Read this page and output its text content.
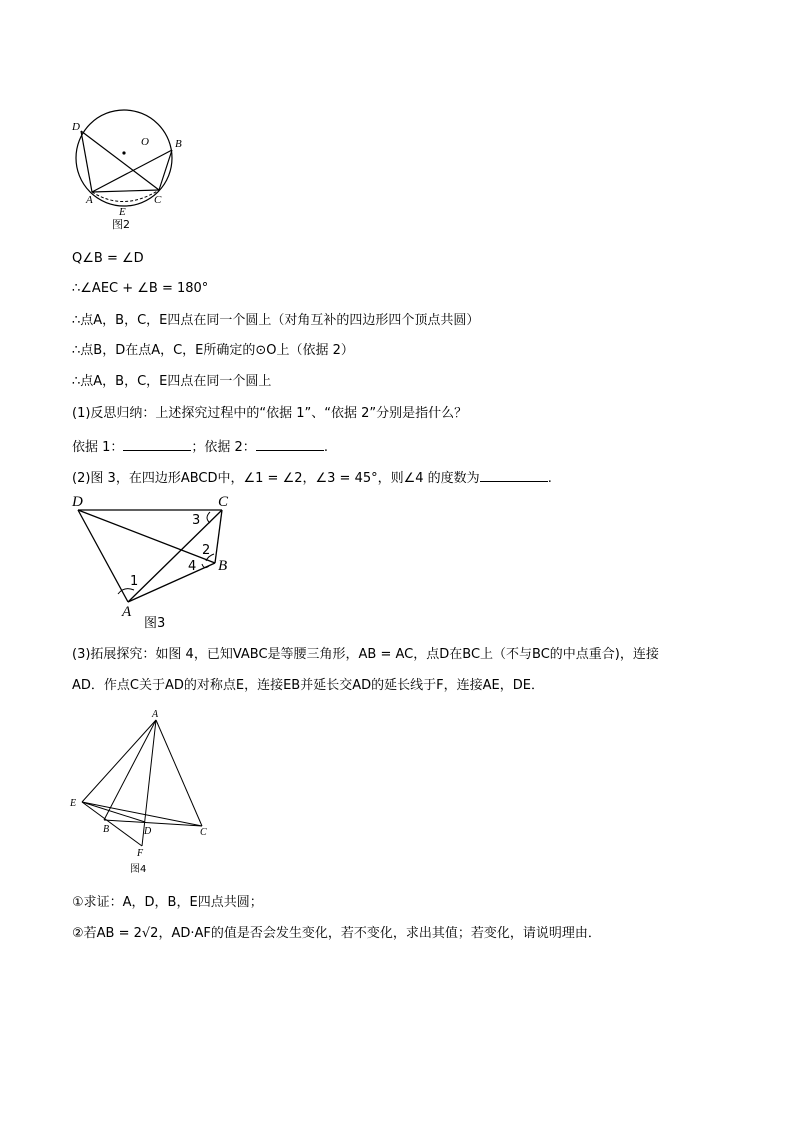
D
O B
A	C
E
图2
Q∠B = ∠D
∴∠AEC + ∠B = 180°
∴点A，B，C，E四点在同一个圆上（对角互补的四边形四个顶点共圆）
∴点B，D在点A，C，E所确定的⊙O上（依据 2）
∴点A，B，C，E四点在同一个圆上
(1)反思归纳：上述探究过程中的“依据 1”、“依据 2”分别是指什么？
依据 1：	；依据 2：	.
(2)图 3，在四边形ABCD中，∠1 = ∠2，∠3 = 45°，则∠4 的度数为	.
D	C
A
B
1
2
3
4
图3
(3)拓展探究：如图 4，已知VABC是等腰三角形，AB = AC，点D在BC上（不与BC的中点重合)，连接
AD．作点C关于AD的对称点E，连接EB并延长交AD的延长线于F，连接AE，DE．
A
E
B	D	C
F
图4
①求证：A，D，B，E四点共圆；
②若AB = 2√2，AD·AF的值是否会发生变化，若不变化，求出其值；若变化，请说明理由．
